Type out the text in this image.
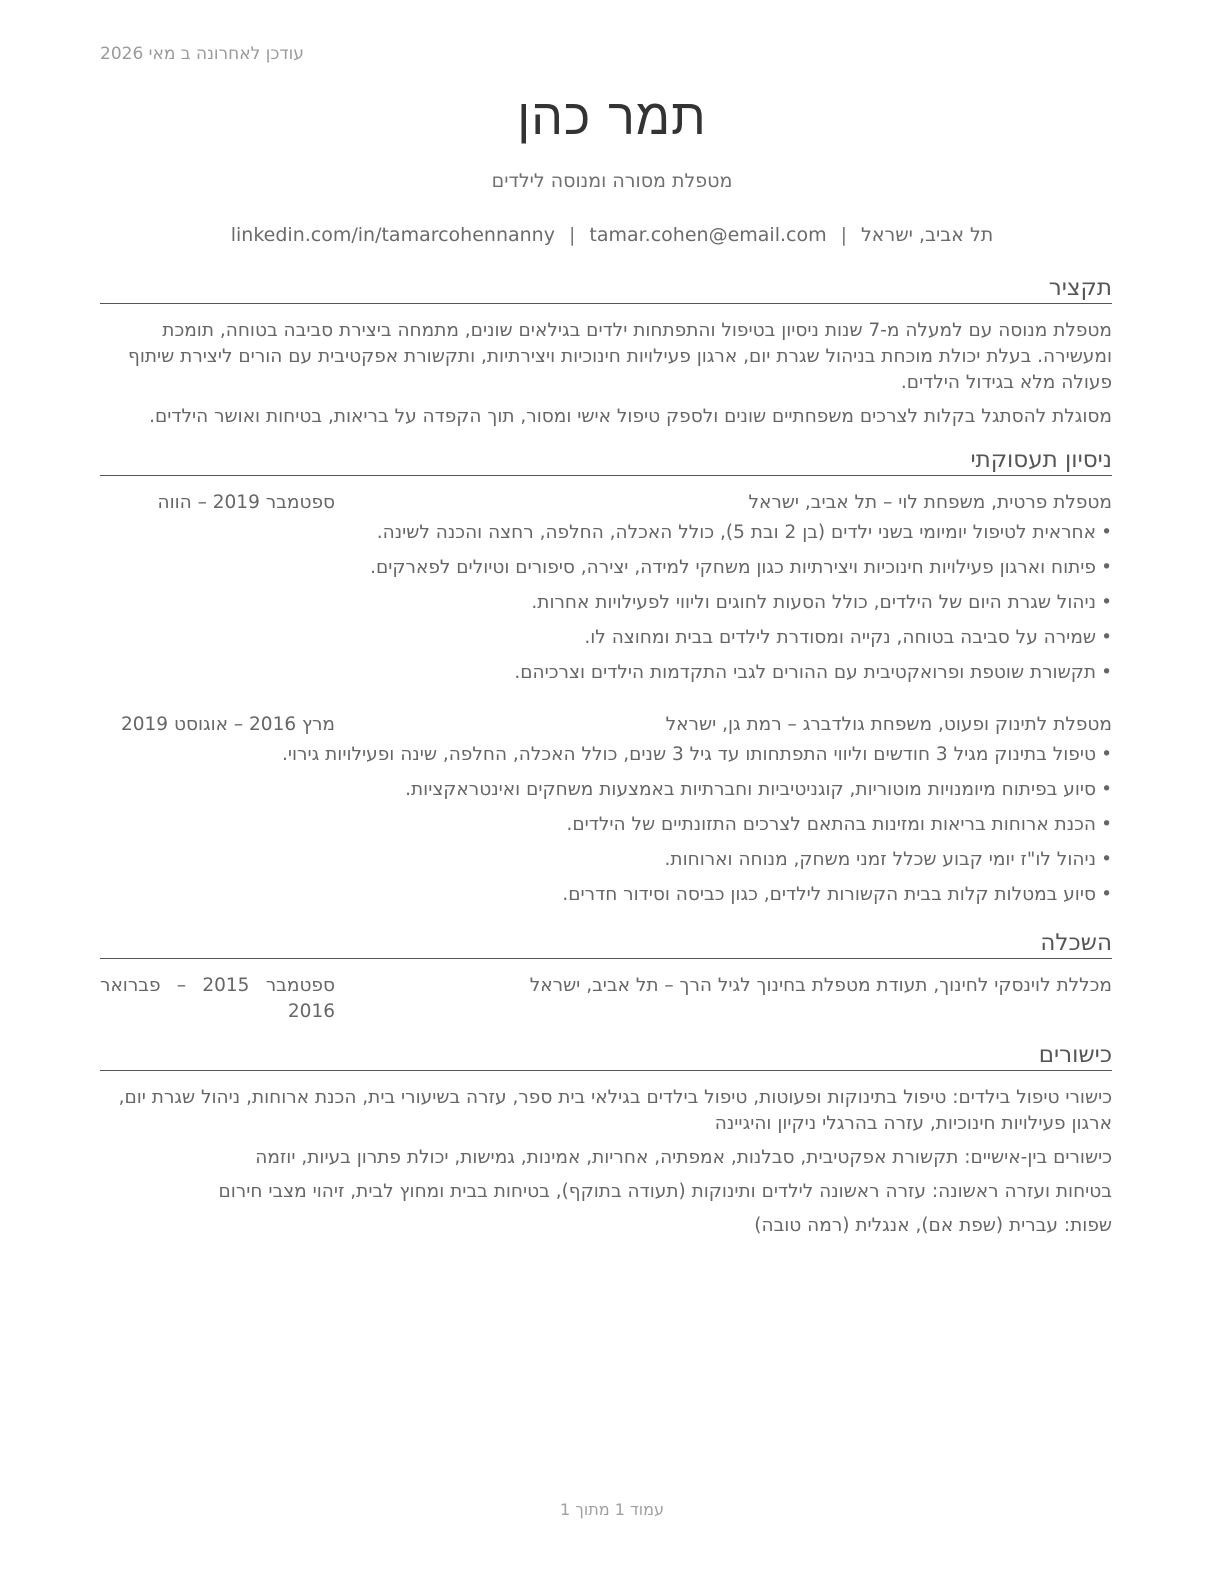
עודכן לאחרונה ב מאי 2026
תמר כהן
מטפלת מסורה ומנוסה לילדים
תל אביב, ישראל|tamar.cohen@email.com|linkedin.com/in/tamarcohennanny
תקציר
מטפלת מנוסה עם למעלה מ-7 שנות ניסיון בטיפול והתפתחות ילדים בגילאים שונים, מתמחה ביצירת סביבה בטוחה, תומכת ומעשירה. בעלת יכולת מוכחת בניהול שגרת יום, ארגון פעילויות חינוכיות ויצירתיות, ותקשורת אפקטיבית עם הורים ליצירת שיתוף פעולה מלא בגידול הילדים.
מסוגלת להסתגל בקלות לצרכים משפחתיים שונים ולספק טיפול אישי ומסור, תוך הקפדה על בריאות, בטיחות ואושר הילדים.
ניסיון תעסוקתי
מטפלת פרטית, משפחת לוי – תל אביב, ישראל
ספטמבר 2019 – הווה
•
אחראית לטיפול יומיומי בשני ילדים (בן 2 ובת 5), כולל האכלה, החלפה, רחצה והכנה לשינה.
•
פיתוח וארגון פעילויות חינוכיות ויצירתיות כגון משחקי למידה, יצירה, סיפורים וטיולים לפארקים.
•
ניהול שגרת היום של הילדים, כולל הסעות לחוגים וליווי לפעילויות אחרות.
•
שמירה על סביבה בטוחה, נקייה ומסודרת לילדים בבית ומחוצה לו.
•
תקשורת שוטפת ופרואקטיבית עם ההורים לגבי התקדמות הילדים וצרכיהם.
מטפלת לתינוק ופעוט, משפחת גולדברג – רמת גן, ישראל
מרץ 2016 – אוגוסט 2019
•
טיפול בתינוק מגיל 3 חודשים וליווי התפתחותו עד גיל 3 שנים, כולל האכלה, החלפה, שינה ופעילויות גירוי.
•
סיוע בפיתוח מיומנויות מוטוריות, קוגניטיביות וחברתיות באמצעות משחקים ואינטראקציות.
•
הכנת ארוחות בריאות ומזינות בהתאם לצרכים התזונתיים של הילדים.
•
ניהול לו"ז יומי קבוע שכלל זמני משחק, מנוחה וארוחות.
•
סיוע במטלות קלות בבית הקשורות לילדים, כגון כביסה וסידור חדרים.
השכלה
מכללת לוינסקי לחינוך, תעודת מטפלת בחינוך לגיל הרך – תל אביב, ישראל
ספטמבר 2015 – פברואר 2016
כישורים
כישורי טיפול בילדים: טיפול בתינוקות ופעוטות, טיפול בילדים בגילאי בית ספר, עזרה בשיעורי בית, הכנת ארוחות, ניהול שגרת יום, ארגון פעילויות חינוכיות, עזרה בהרגלי ניקיון והיגיינה
כישורים בין-אישיים: תקשורת אפקטיבית, סבלנות, אמפתיה, אחריות, אמינות, גמישות, יכולת פתרון בעיות, יוזמה
בטיחות ועזרה ראשונה: עזרה ראשונה לילדים ותינוקות (תעודה בתוקף), בטיחות בבית ומחוץ לבית, זיהוי מצבי חירום
שפות: עברית (שפת אם), אנגלית (רמה טובה)
עמוד 1 מתוך 1
